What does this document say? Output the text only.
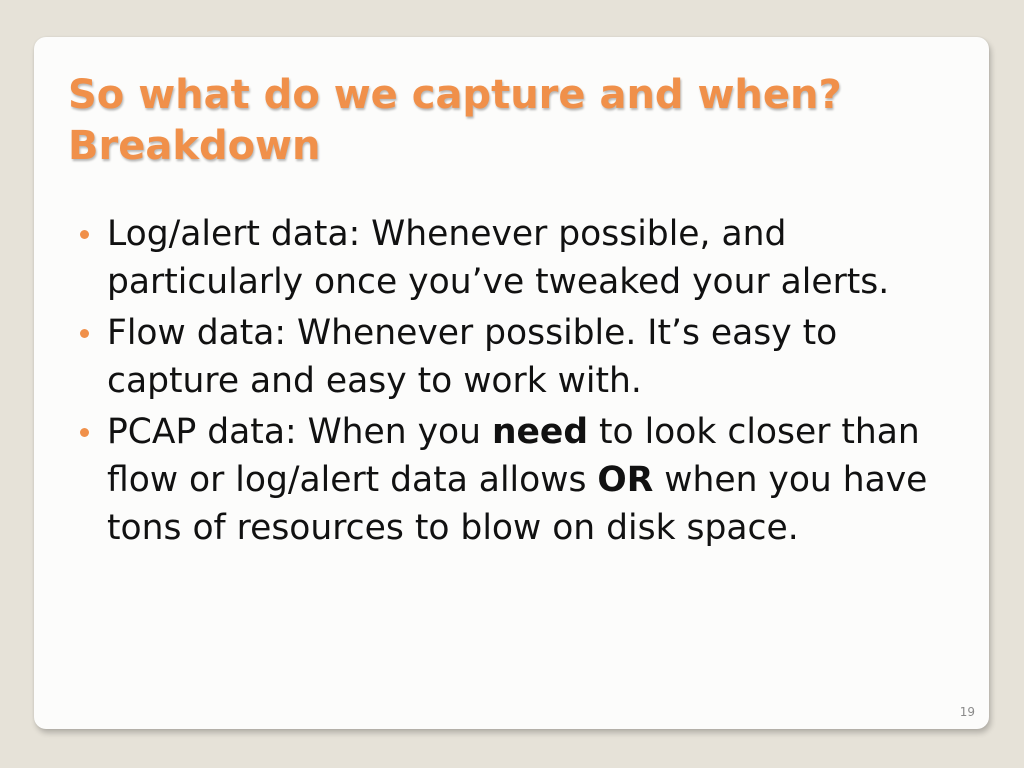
So what do we capture and when?
Breakdown
Log/alert data: Whenever possible, and particularly once you’ve tweaked your alerts.
Flow data: Whenever possible. It’s easy to capture and easy to work with.
PCAP data: When you need to look closer than flow or log/alert data allows OR when you have tons of resources to blow on disk space.
19
